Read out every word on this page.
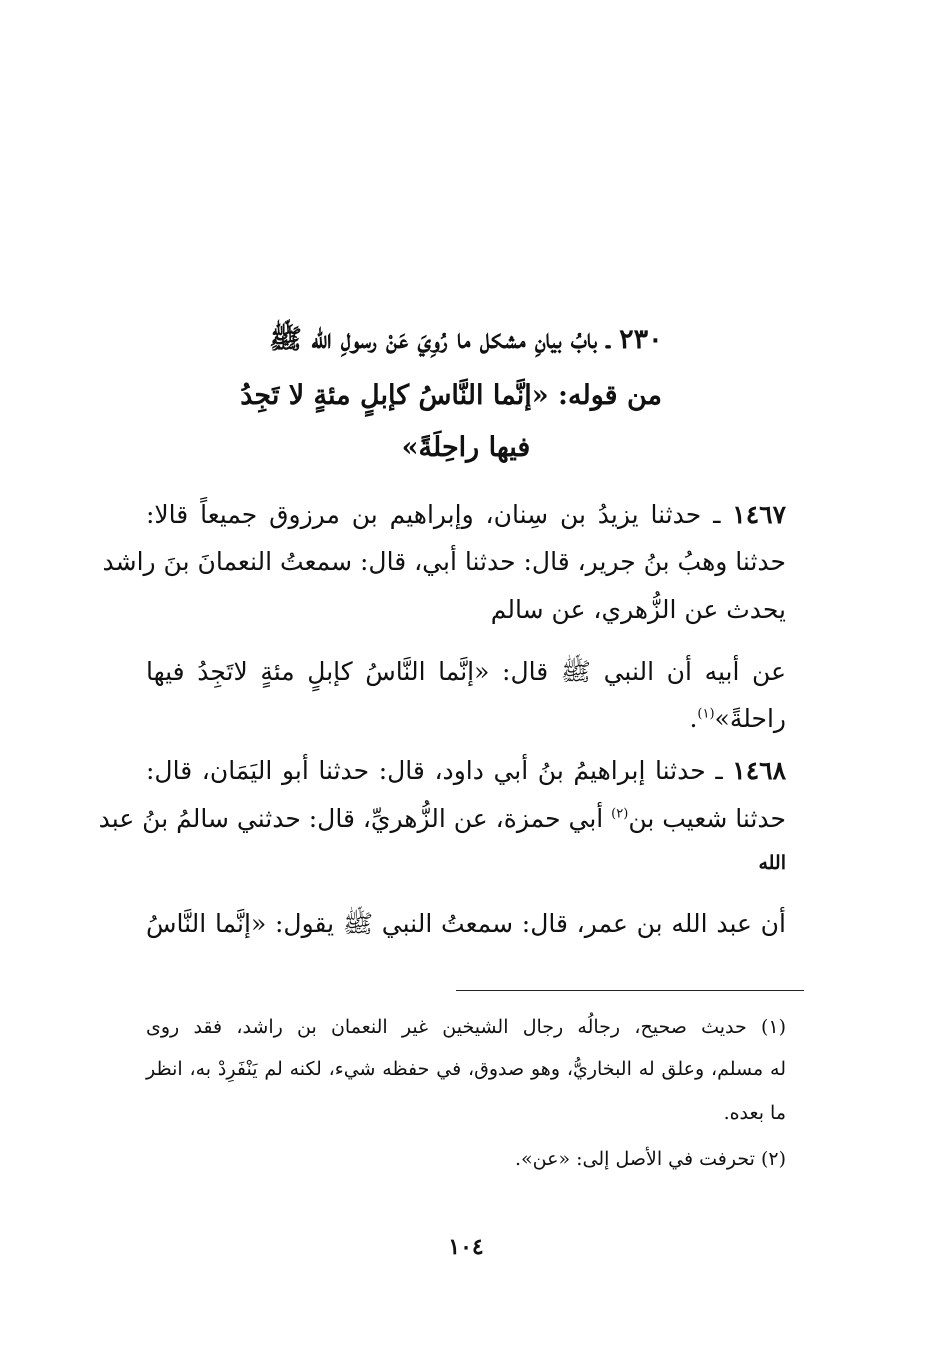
٢٣٠ ـ بابُ بيانِ مشكل ما رُوِيَ عَنْ رسولِ الله ﷺ
من قوله: «إنَّما النَّاسُ كإبلٍ مئةٍ لا تَجِدُ
فيها راحِلَةً»
١٤٦٧ ـ حدثنا يزيدُ بن سِنان، وإبراهيم بن مرزوق جميعاً قالا:
حدثنا وهبُ بنُ جرير، قال: حدثنا أبي، قال: سمعتُ النعمانَ بنَ راشد
يحدث عن الزُّهري، عن سالم
عن أبيه أن النبي ﷺ قال: «إنَّما النَّاسُ كإبلٍ مئةٍ لاتَجِدُ فيها
راحلةً»$^{(١)}$.
١٤٦٨ ـ حدثنا إبراهيمُ بنُ أبي داود، قال: حدثنا أبو اليَمَان، قال:
حدثنا شعيب بن$^{(٢)}$ أبي حمزة، عن الزُّهريِّ، قال: حدثني سالمُ بنُ عبد
الله
أن عبد الله بن عمر، قال: سمعتُ النبي ﷺ يقول: «إنَّما النَّاسُ
(١) حديث صحيح، رجالُه رجال الشيخين غير النعمان بن راشد، فقد روى
له مسلم، وعلق له البخاريُّ، وهو صدوق، في حفظه شيء، لكنه لم يَنْفَرِدْ به، انظر
ما بعده.
(٢) تحرفت في الأصل إلى: «عن».
١٠٤
